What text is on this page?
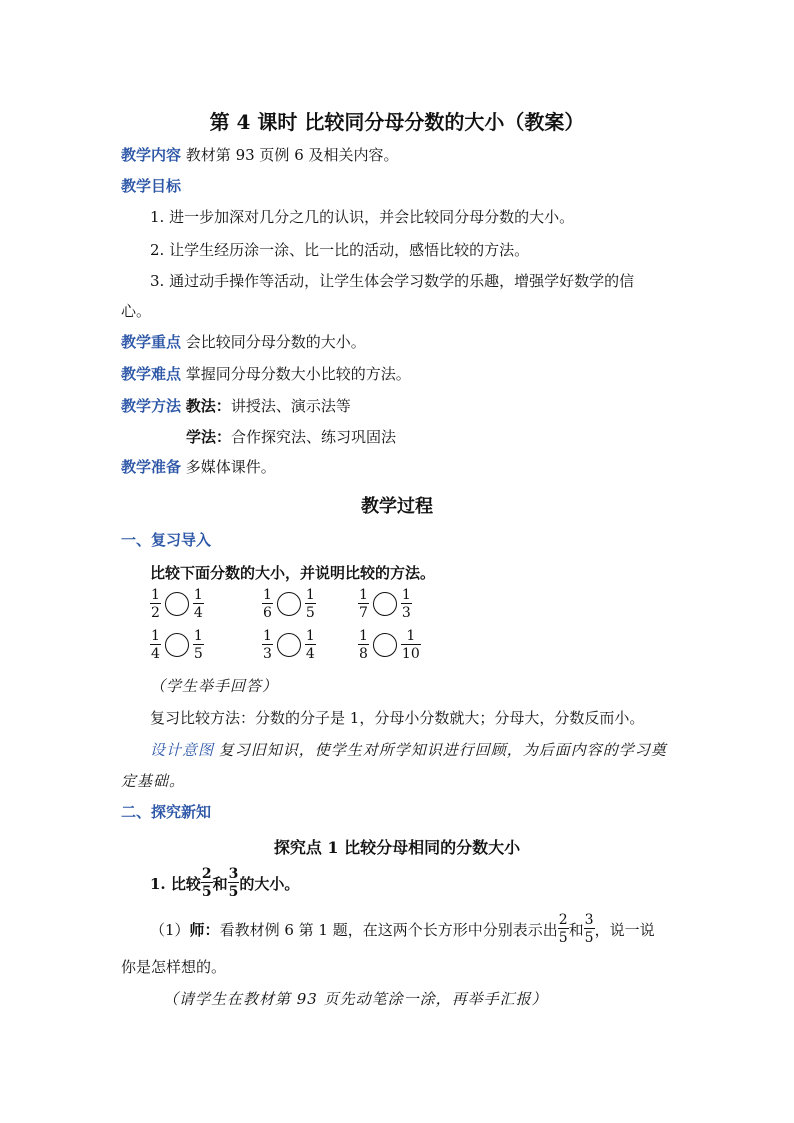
第 4 课时 比较同分母分数的大小（教案）
教学内容 教材第 93 页例 6 及相关内容。
教学目标
1. 进一步加深对几分之几的认识，并会比较同分母分数的大小。
2. 让学生经历涂一涂、比一比的活动，感悟比较的方法。
3. 通过动手操作等活动，让学生体会学习数学的乐趣，增强学好数学的信
心。
教学重点 会比较同分母分数的大小。
教学难点 掌握同分母分数大小比较的方法。
教学方法 教法：讲授法、演示法等
学法：合作探究法、练习巩固法
教学准备 多媒体课件。
教学过程
一、复习导入
比较下面分数的大小，并说明比较的方法。
$\frac{1}{2} \frac{1}{4}$	$\frac{1}{6} \frac{1}{5}$	$\frac{1}{7} \frac{1}{3}$
$\frac{1}{4} \frac{1}{5}$	$\frac{1}{3} \frac{1}{4}$	$\frac{1}{8} \frac{1}{10}$
（学生举手回答）
复习比较方法：分数的分子是 1，分母小分数就大；分母大，分数反而小。
设计意图 复习旧知识，使学生对所学知识进行回顾，为后面内容的学习奠
定基础。
二、探究新知
探究点 1 比较分母相同的分数大小
1. 比较 $\frac{2}{5}$ 和 $\frac{3}{5}$ 的大小。
（1） 师： 看教材例 6 第 1 题，在这两个长方形中分别表示出 $\frac{2}{5}$ 和 $\frac{3}{5}$ ，说一说
你是怎样想的。
（请学生在教材第 93 页先动笔涂一涂，再举手汇报）
